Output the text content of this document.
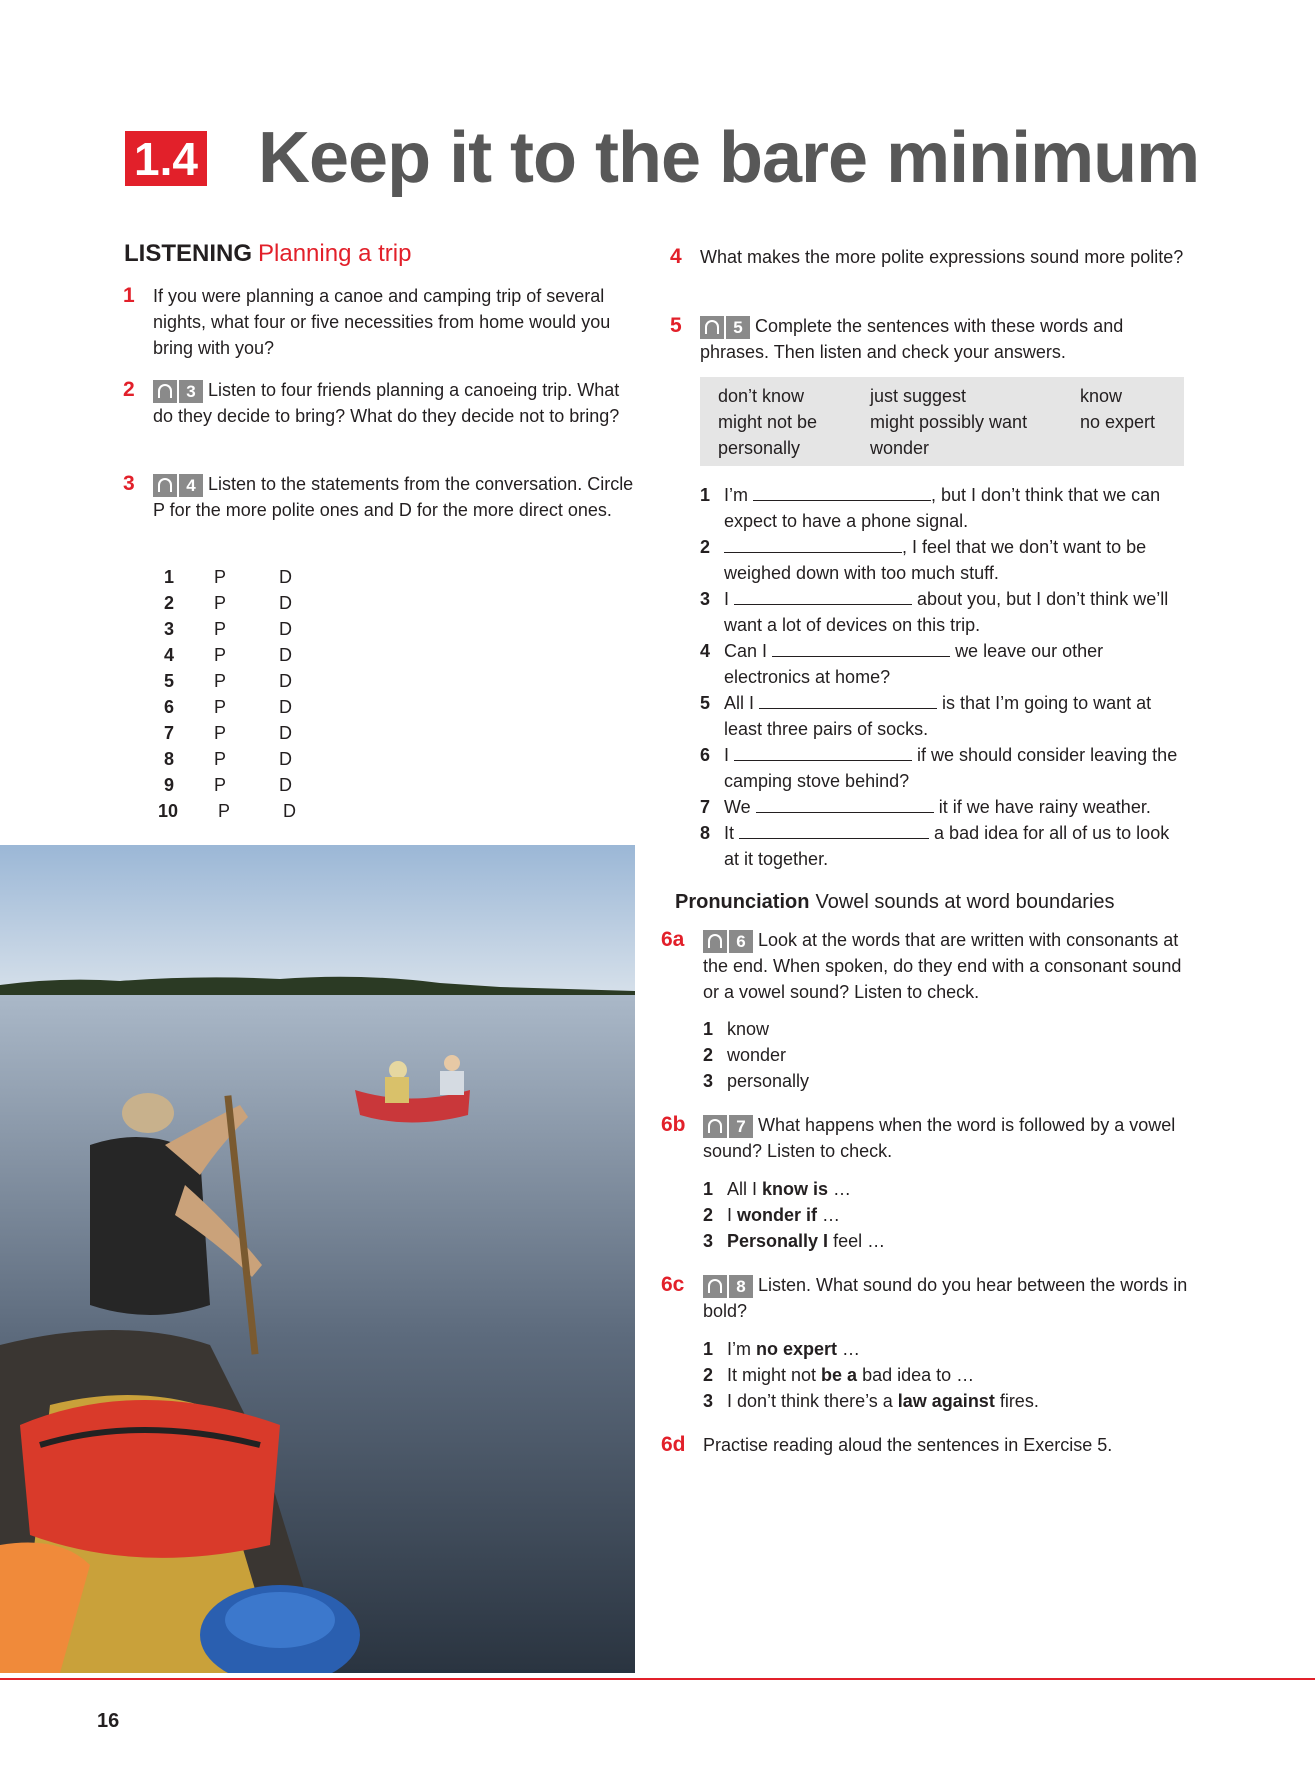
1.4 Keep it to the bare minimum
LISTENING Planning a trip
1 If you were planning a canoe and camping trip of several nights, what four or five necessities from home would you bring with you?
2	3 Listen to four friends planning a canoeing trip. What do they decide to bring? What do they decide not to bring?
3	4 Listen to the statements from the conversation. Circle P for the more polite ones and D for the more direct ones.
1 P	D
2 P	D
3 P	D
4 P	D
5 P	D
6 P	D
7 P	D
8 P	D
9 P	D
10 P	D
4 What makes the more polite expressions sound more polite?
5	5 Complete the sentences with these words and phrases. Then listen and check your answers.
don’t know	just suggest	know
might not be	might possibly want	no expert
personally	wonder
1 I’m	, but I don’t think that we can expect to have a phone signal.
2	, I feel that we don’t want to be weighed down with too much stuff.
3 I	about you, but I don’t think we’ll want a lot of devices on this trip.
4 Can I	we leave our other electronics at home?
5 All I	is that I’m going to want at least three pairs of socks.
6 I	if we should consider leaving the camping stove behind?
7 We	it if we have rainy weather.
8 It	a bad idea for all of us to look at it together.
Pronunciation Vowel sounds at word boundaries
6a	6 Look at the words that are written with consonants at the end. When spoken, do they end with a consonant sound or a vowel sound? Listen to check.
1 know
2 wonder
3 personally
6b	7 What happens when the word is followed by a vowel sound? Listen to check.
1 All I know is …
2 I wonder if …
3 Personally I feel …
6c	8 Listen. What sound do you hear between the words in bold?
1 I’m no expert …
2 It might not be a bad idea to …
3 I don’t think there’s a law against fires.
6d Practise reading aloud the sentences in Exercise 5.
16
